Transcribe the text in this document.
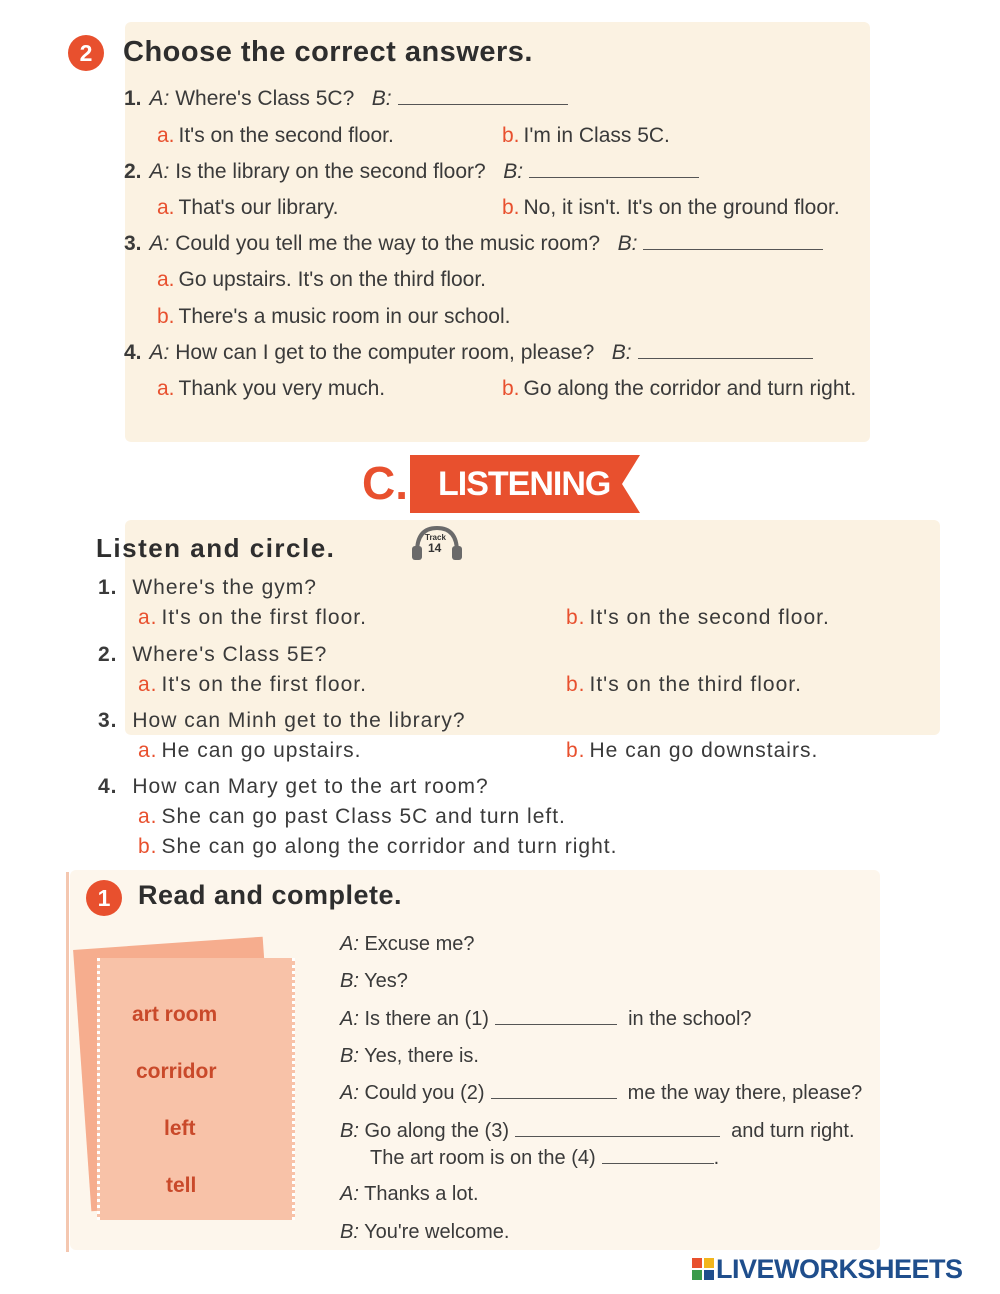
2	Choose the correct answers.
1. A: Where's Class 5C? B:
a. It's on the second floor.	b. I'm in Class 5C.
2. A: Is the library on the second floor? B:
a. That's our library.	b. No, it isn't. It's on the ground floor.
3. A: Could you tell me the way to the music room? B:
a. Go upstairs. It's on the third floor.
b. There's a music room in our school.
4. A: How can I get to the computer room, please? B:
a. Thank you very much.	b. Go along the corridor and turn right.
C. LISTENING
Listen and circle.	Track
14
1. Where's the gym?
a. It's on the first floor.	b. It's on the second floor.
2. Where's Class 5E?
a. It's on the first floor.	b. It's on the third floor.
3. How can Minh get to the library?
a. He can go upstairs.	b. He can go downstairs.
4. How can Mary get to the art room?
a. She can go past Class 5C and turn left.
b. She can go along the corridor and turn right.
1	Read and complete.
art room
corridor
left
tell
A: Excuse me?
B: Yes?
A: Is there an (1)	in the school?
B: Yes, there is.
A: Could you (2)	me the way there, please?
B: Go along the (3)	and turn right.
The art room is on the (4)	.
A: Thanks a lot.
B: You're welcome.
LIVEWORKSHEETS
